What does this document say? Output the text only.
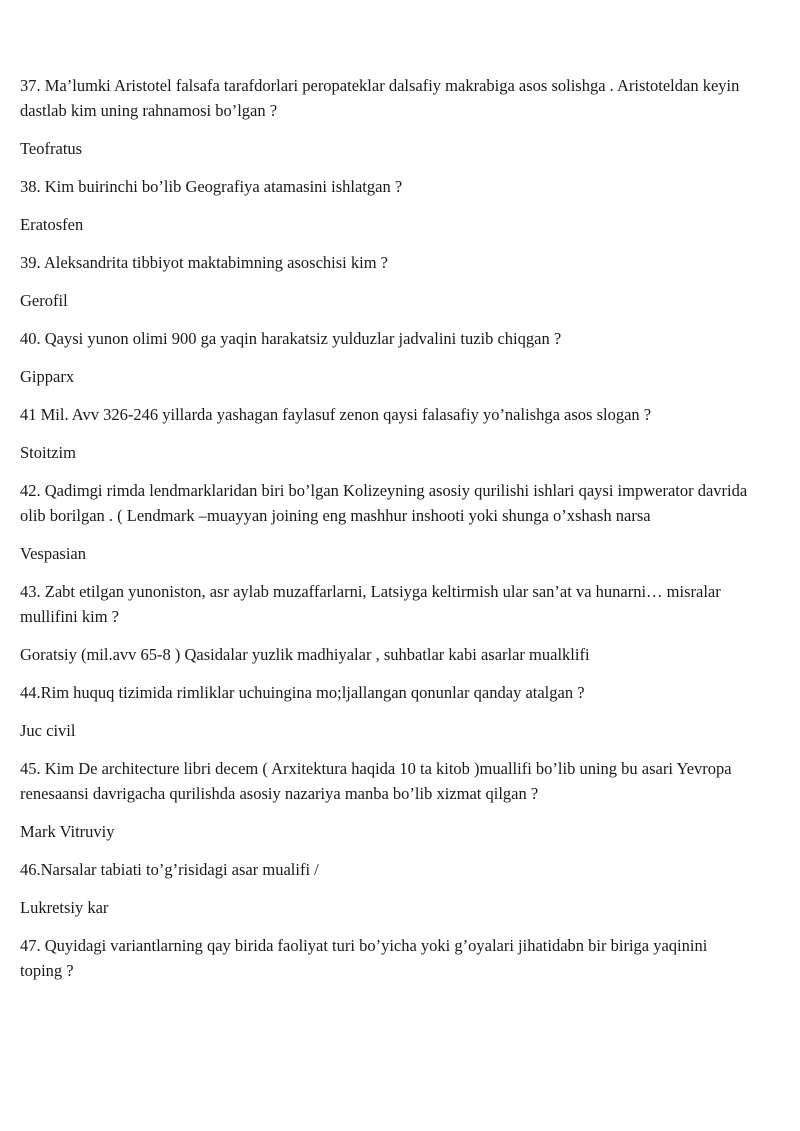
37. Ma’lumki Aristotel falsafa tarafdorlari peropateklar dalsafiy makrabiga asos solishga . Aristoteldan keyin dastlab kim uning rahnamosi bo’lgan ?

Teofratus

38. Kim buirinchi bo’lib Geografiya atamasini ishlatgan ?

Eratosfen

39. Aleksandrita tibbiyot maktabimning asoschisi kim ?

Gerofil

40. Qaysi yunon olimi 900 ga yaqin harakatsiz yulduzlar jadvalini tuzib chiqgan ?

Gipparx

41 Mil. Avv 326-246 yillarda yashagan faylasuf zenon qaysi falasafiy yo’nalishga asos slogan ?

Stoitzim

42. Qadimgi rimda lendmarklaridan biri bo’lgan Kolizeyning asosiy qurilishi ishlari qaysi impwerator davrida olib borilgan . ( Lendmark –muayyan joining eng mashhur inshooti yoki shunga o’xshash narsa

Vespasian

43. Zabt etilgan yunoniston, asr aylab muzaffarlarni, Latsiyga keltirmish ular san’at va hunarni… misralar mullifini kim ?

Goratsiy (mil.avv 65-8 ) Qasidalar yuzlik madhiyalar , suhbatlar kabi asarlar mualklifi

44.Rim huquq tizimida rimliklar uchuingina mo;ljallangan qonunlar qanday atalgan ?

Juc civil

45. Kim De architecture libri decem ( Arxitektura haqida 10 ta kitob )muallifi bo’lib uning bu asari Yevropa renesaansi davrigacha qurilishda asosiy nazariya manba bo’lib xizmat qilgan ?

Mark Vitruviy

46.Narsalar tabiati to’g’risidagi asar mualifi /

Lukretsiy kar

47. Quyidagi variantlarning qay birida faoliyat turi bo’yicha yoki g’oyalari jihatidabn bir biriga yaqinini toping ?
